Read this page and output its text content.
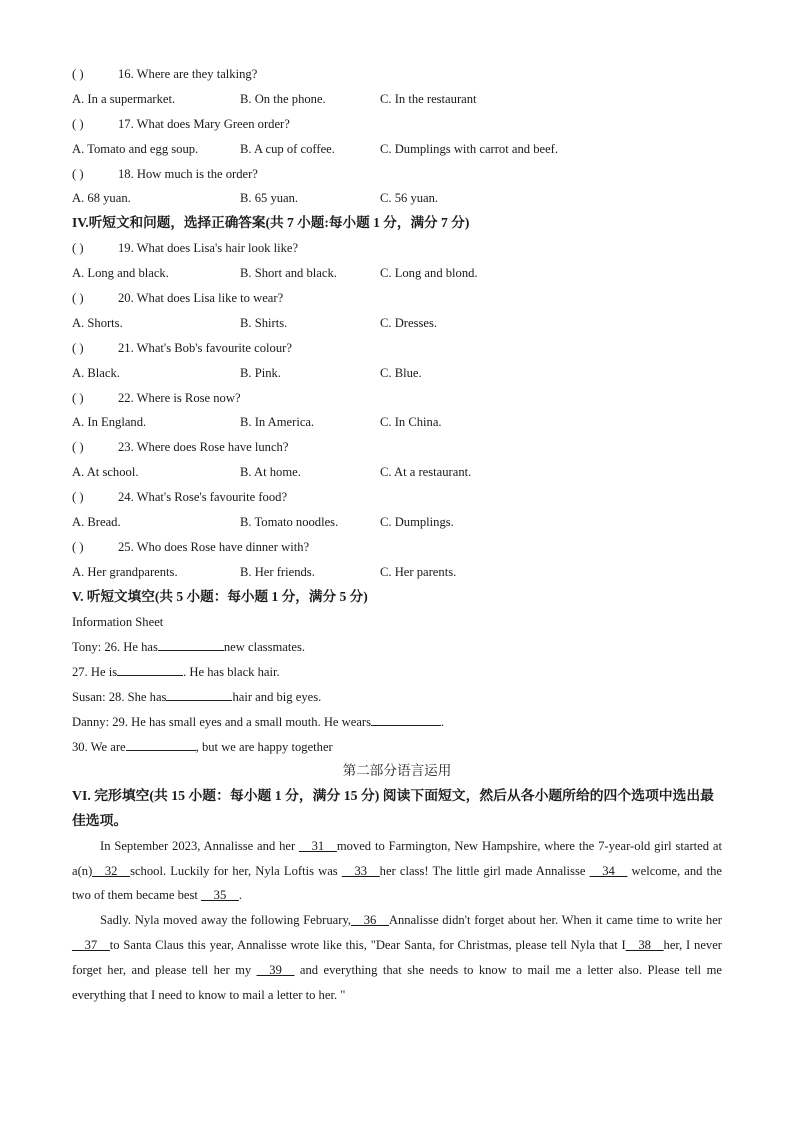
( )	16. Where are they talking?
A. In a supermarket.	B. On the phone.	C. In the restaurant
( )	17. What does Mary Green order?
A. Tomato and egg soup.	B. A cup of coffee.	C. Dumplings with carrot and beef.
( )	18. How much is the order?
A. 68 yuan.	B. 65 yuan.	C. 56 yuan.
IV.听短文和问题，选择正确答案(共 7 小题:每小题 1 分，满分 7 分)
( )	19. What does Lisa's hair look like?
A. Long and black.	B. Short and black.	C. Long and blond.
( )	20. What does Lisa like to wear?
A. Shorts.	B. Shirts.	C. Dresses.
( )	21. What's Bob's favourite colour?
A. Black.	B. Pink.	C. Blue.
( )	22. Where is Rose now?
A. In England.	B. In America.	C. In China.
( )	23. Where does Rose have lunch?
A. At school.	B. At home.	C. At a restaurant.
( )	24. What's Rose's favourite food?
A. Bread.	B. Tomato noodles.	C. Dumplings.
( )	25. Who does Rose have dinner with?
A. Her grandparents.	B. Her friends.	C. Her parents.
V. 听短文填空(共 5 小题：每小题 1 分，满分 5 分)
Information Sheet
Tony: 26. He has	new classmates.
27. He is	. He has black hair.
Susan: 28. She has	hair and big eyes.
Danny: 29. He has small eyes and a small mouth. He wears	.
30. We are	, but we are happy together
第二部分语言运用
VI. 完形填空(共 15 小题：每小题 1 分，满分 15 分) 阅读下面短文，然后从各小题所给的四个选项中选出最佳选项。
In September 2023, Annalisse and her __31__moved to Farmington, New Hampshire, where the 7-year-old girl started at a(n)__32__school. Luckily for her, Nyla Loftis was __33__her class! The little girl made Annalisse __34__ welcome, and the two of them became best __35__.
Sadly. Nyla moved away the following February,__36__Annalisse didn't forget about her. When it came time to write her __37__to Santa Claus this year, Annalisse wrote like this, "Dear Santa, for Christmas, please tell Nyla that I__38__her, I never forget her, and please tell her my __39__ and everything that she needs to know to mail me a letter also. Please tell me everything that I need to know to mail a letter to her. "
